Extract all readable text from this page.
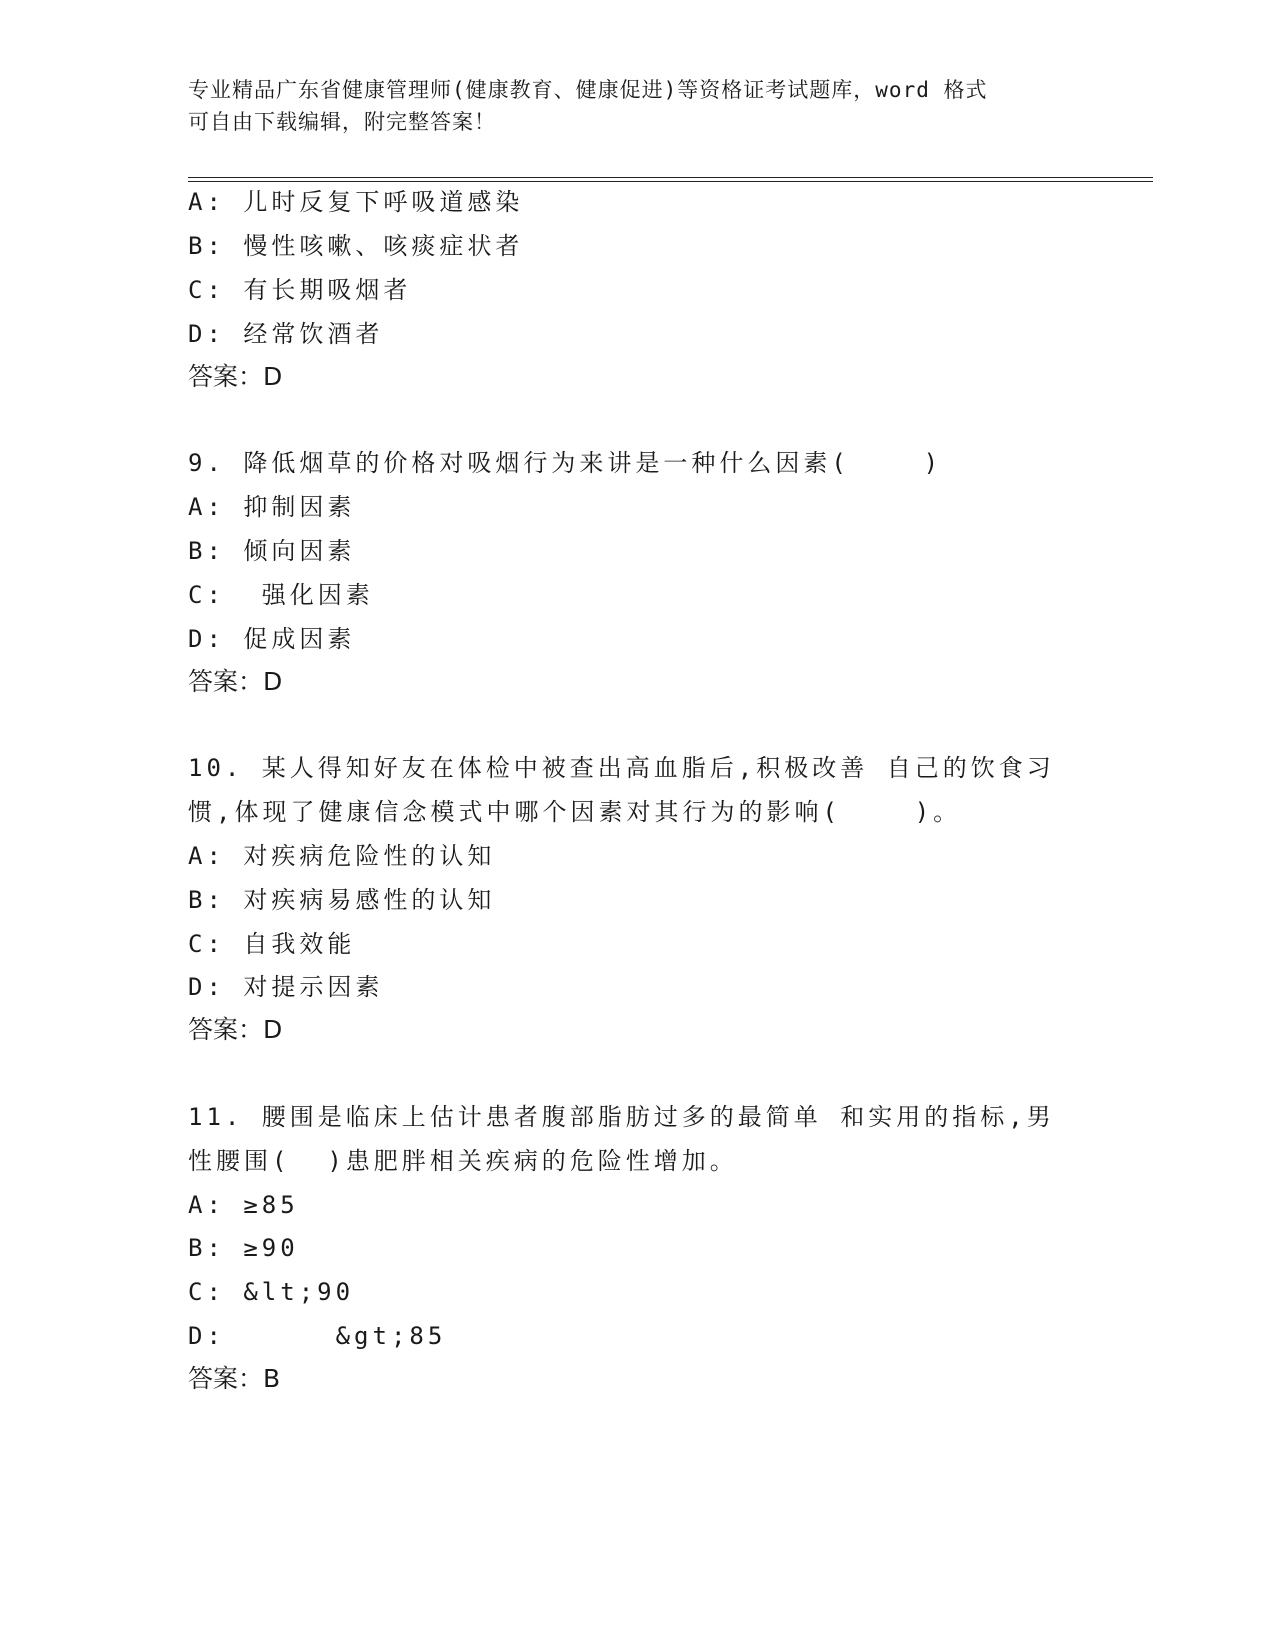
专业精品广东省健康管理师(健康教育、健康促进)等资格证考试题库，word 格式
可自由下载编辑，附完整答案！
A: 儿时反复下呼吸道感染
B: 慢性咳嗽、咳痰症状者
C: 有长期吸烟者
D: 经常饮酒者
答案：D
9. 降低烟草的价格对吸烟行为来讲是一种什么因素(    )
A: 抑制因素
B: 倾向因素
C:  强化因素
D: 促成因素
答案：D
10. 某人得知好友在体检中被查出高血脂后,积极改善 自己的饮食习
惯,体现了健康信念模式中哪个因素对其行为的影响(    )。
A: 对疾病危险性的认知
B: 对疾病易感性的认知
C: 自我效能
D: 对提示因素
答案：D
11. 腰围是临床上估计患者腹部脂肪过多的最简单 和实用的指标,男
性腰围(  )患肥胖相关疾病的危险性增加。
A: ≥85
B: ≥90
C: &lt;90
D:      &gt;85
答案：B
